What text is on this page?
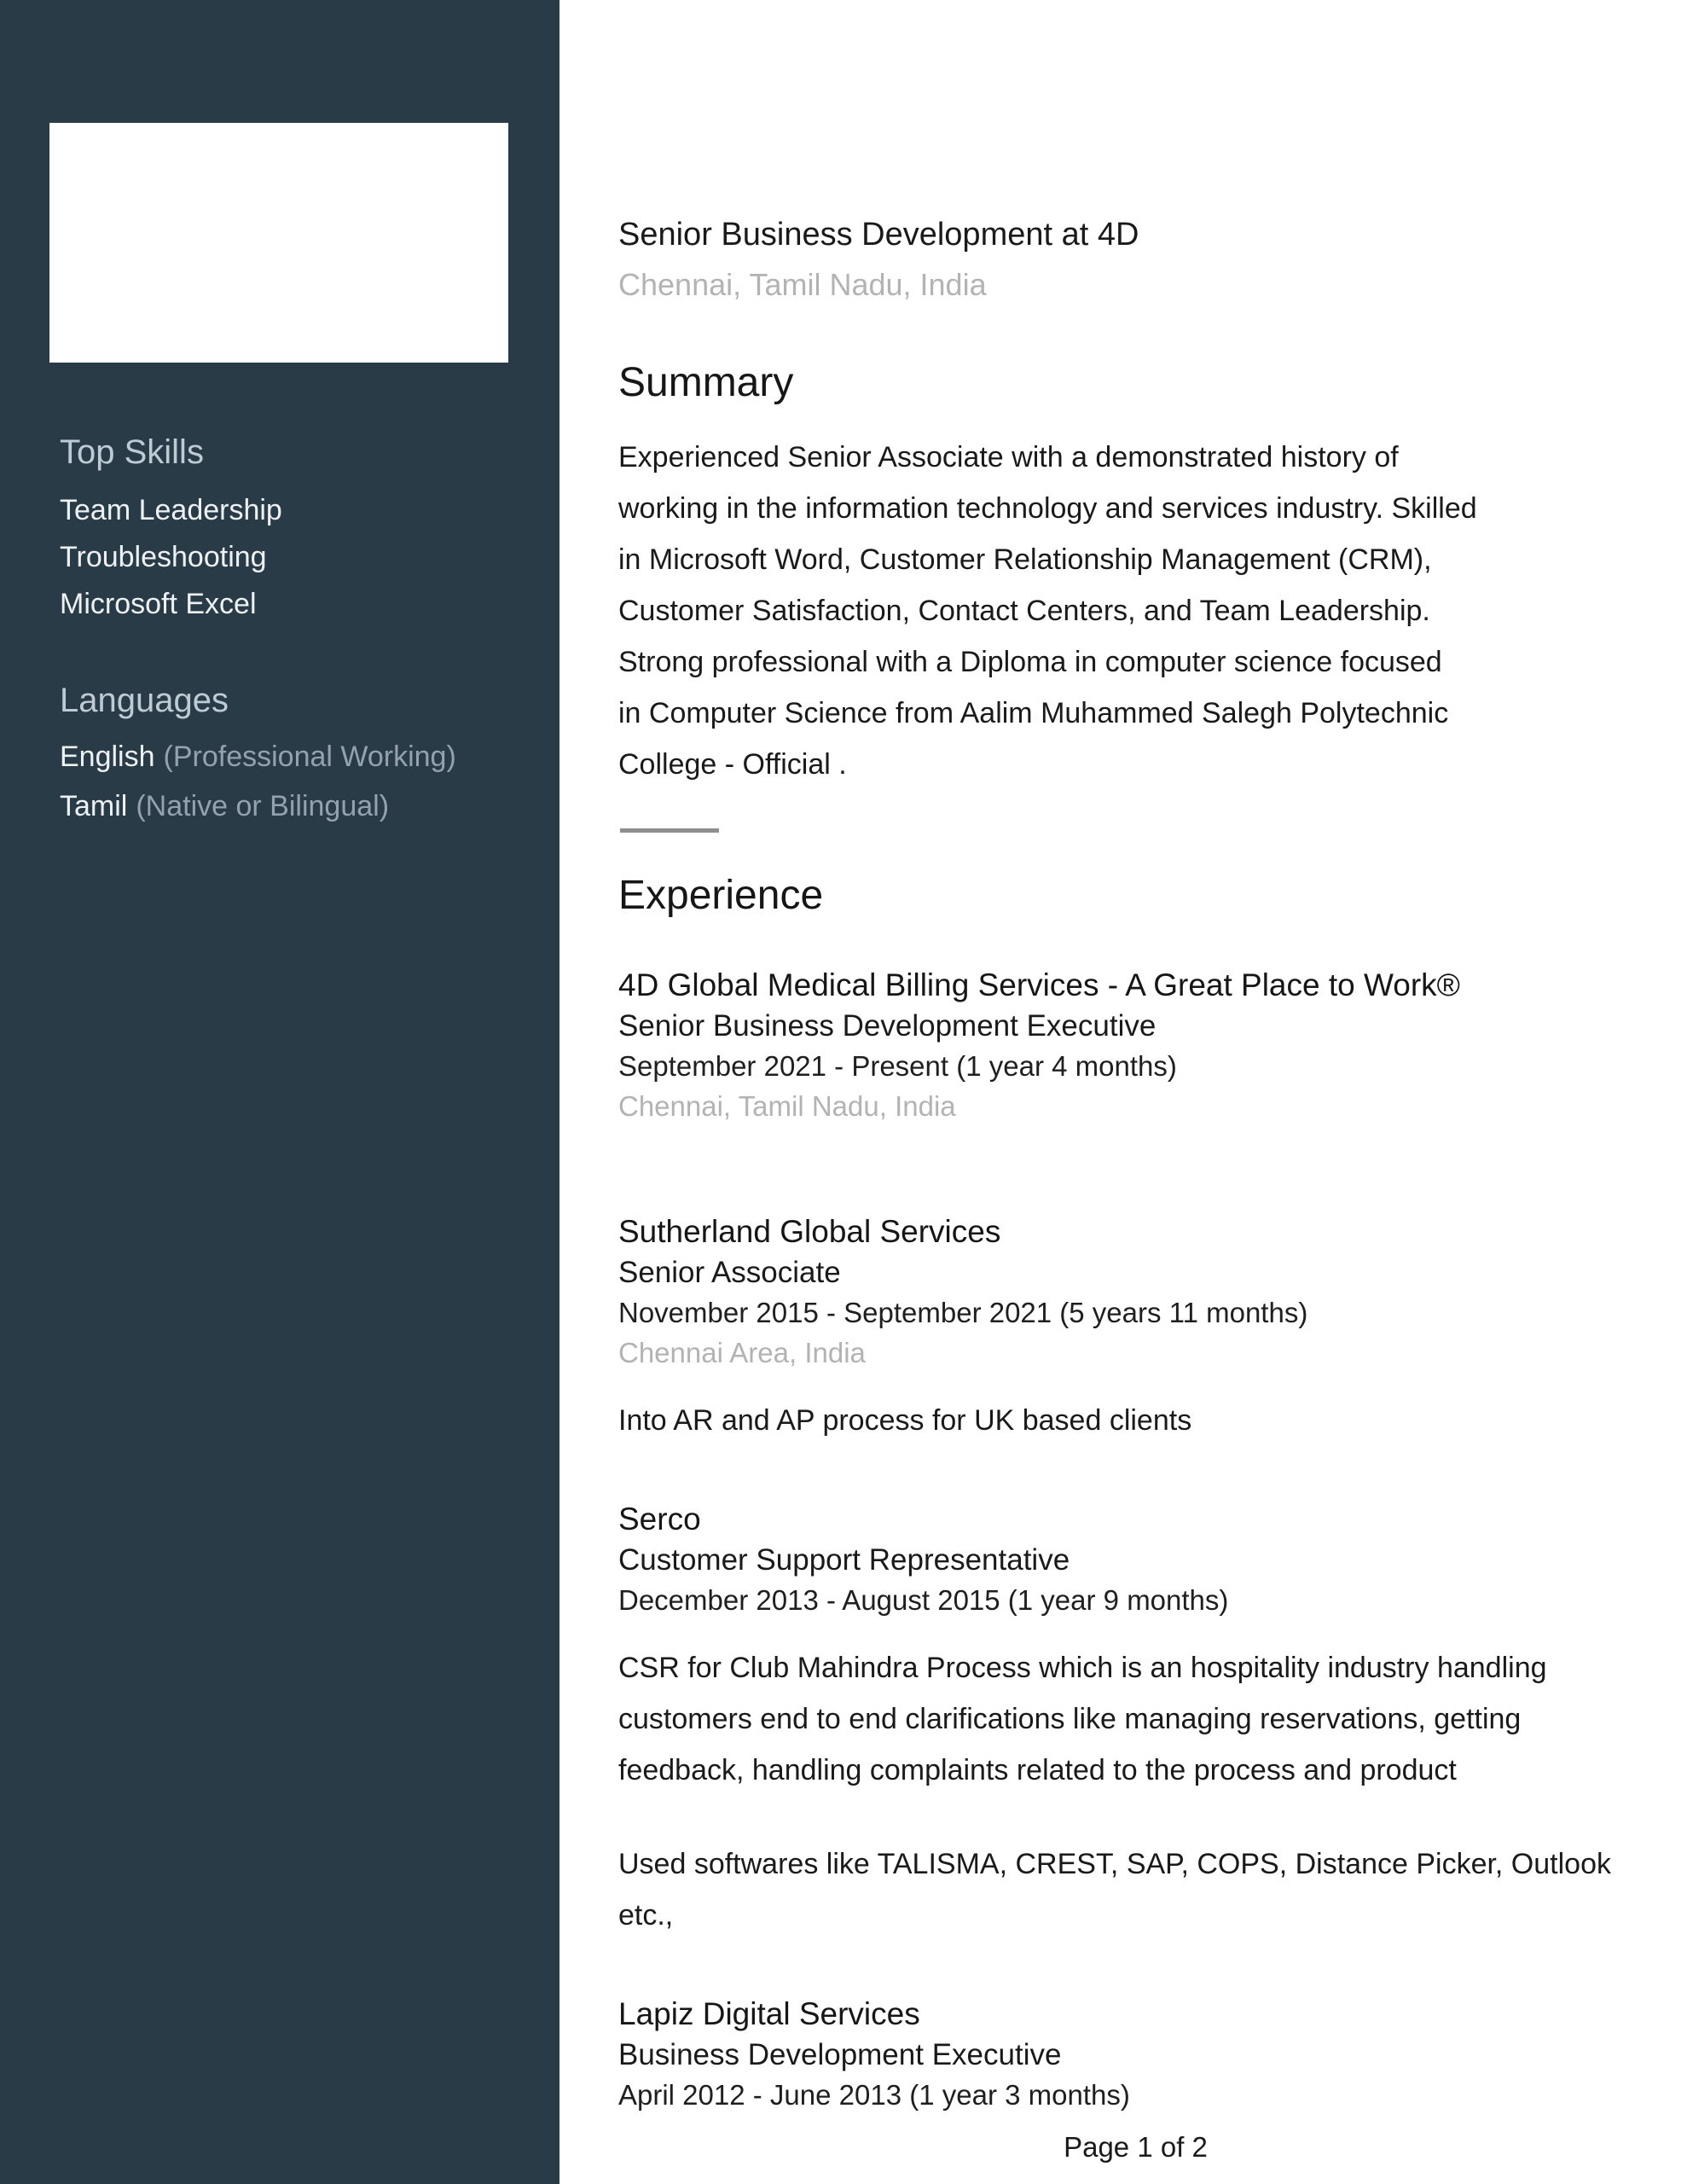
Top Skills
Team Leadership
Troubleshooting
Microsoft Excel
Languages
English (Professional Working)
Tamil (Native or Bilingual)
Senior Business Development at 4D
Chennai, Tamil Nadu, India
Summary
Experienced Senior Associate with a demonstrated history of
working in the information technology and services industry. Skilled
in Microsoft Word, Customer Relationship Management (CRM),
Customer Satisfaction, Contact Centers, and Team Leadership.
Strong professional with a Diploma in computer science focused
in Computer Science from Aalim Muhammed Salegh Polytechnic
College - Official .
Experience
4D Global Medical Billing Services - A Great Place to Work®
Senior Business Development Executive
September 2021 - Present (1 year 4 months)
Chennai, Tamil Nadu, India
Sutherland Global Services
Senior Associate
November 2015 - September 2021 (5 years 11 months)
Chennai Area, India
Into AR and AP process for UK based clients
Serco
Customer Support Representative
December 2013 - August 2015 (1 year 9 months)
CSR for Club Mahindra Process which is an hospitality industry handling
customers end to end clarifications like managing reservations, getting
feedback, handling complaints related to the process and product
Used softwares like TALISMA, CREST, SAP, COPS, Distance Picker, Outlook
etc.,
Lapiz Digital Services
Business Development Executive
April 2012 - June 2013 (1 year 3 months)
Page 1 of 2
